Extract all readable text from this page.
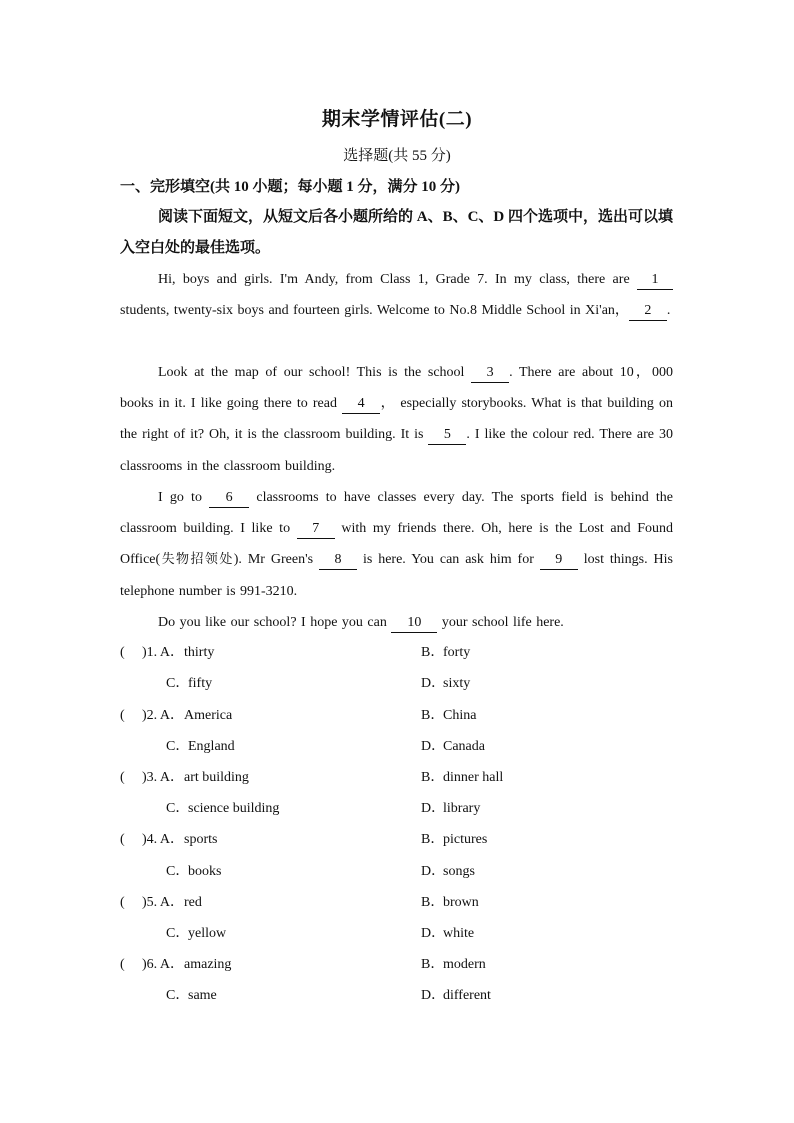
期末学情评估(二)
选择题(共 55 分)
一、完形填空(共 10 小题；每小题 1 分，满分 10 分)
阅读下面短文，从短文后各小题所给的 A、B、C、D 四个选项中，选出可以填入空白处的最佳选项。
Hi, boys and girls. I'm Andy, from Class 1, Grade 7. In my class, there are 1 students, twenty-six boys and fourteen girls. Welcome to No.8 Middle School in Xi'an， 2 .
Look at the map of our school! This is the school 3 . There are about 10，000 books in it. I like going there to read 4 ， especially storybooks. What is that building on the right of it? Oh, it is the classroom building. It is 5 . I like the colour red. There are 30 classrooms in the classroom building.
I go to 6 classrooms to have classes every day. The sports field is behind the classroom building. I like to 7 with my friends there. Oh, here is the Lost and Found Office(失物招领处). Mr Green's 8 is here. You can ask him for 9 lost things. His telephone number is 991-3210.
Do you like our school? I hope you can 10 your school life here.
( )1. A．thirty	B．forty
C．fifty	D．sixty
( )2. A．America	B．China
C．England	D．Canada
( )3. A．art building	B．dinner hall
C．science building	D．library
( )4. A．sports	B．pictures
C．books	D．songs
( )5. A．red	B．brown
C．yellow	D．white
( )6. A．amazing	B．modern
C．same	D．different
